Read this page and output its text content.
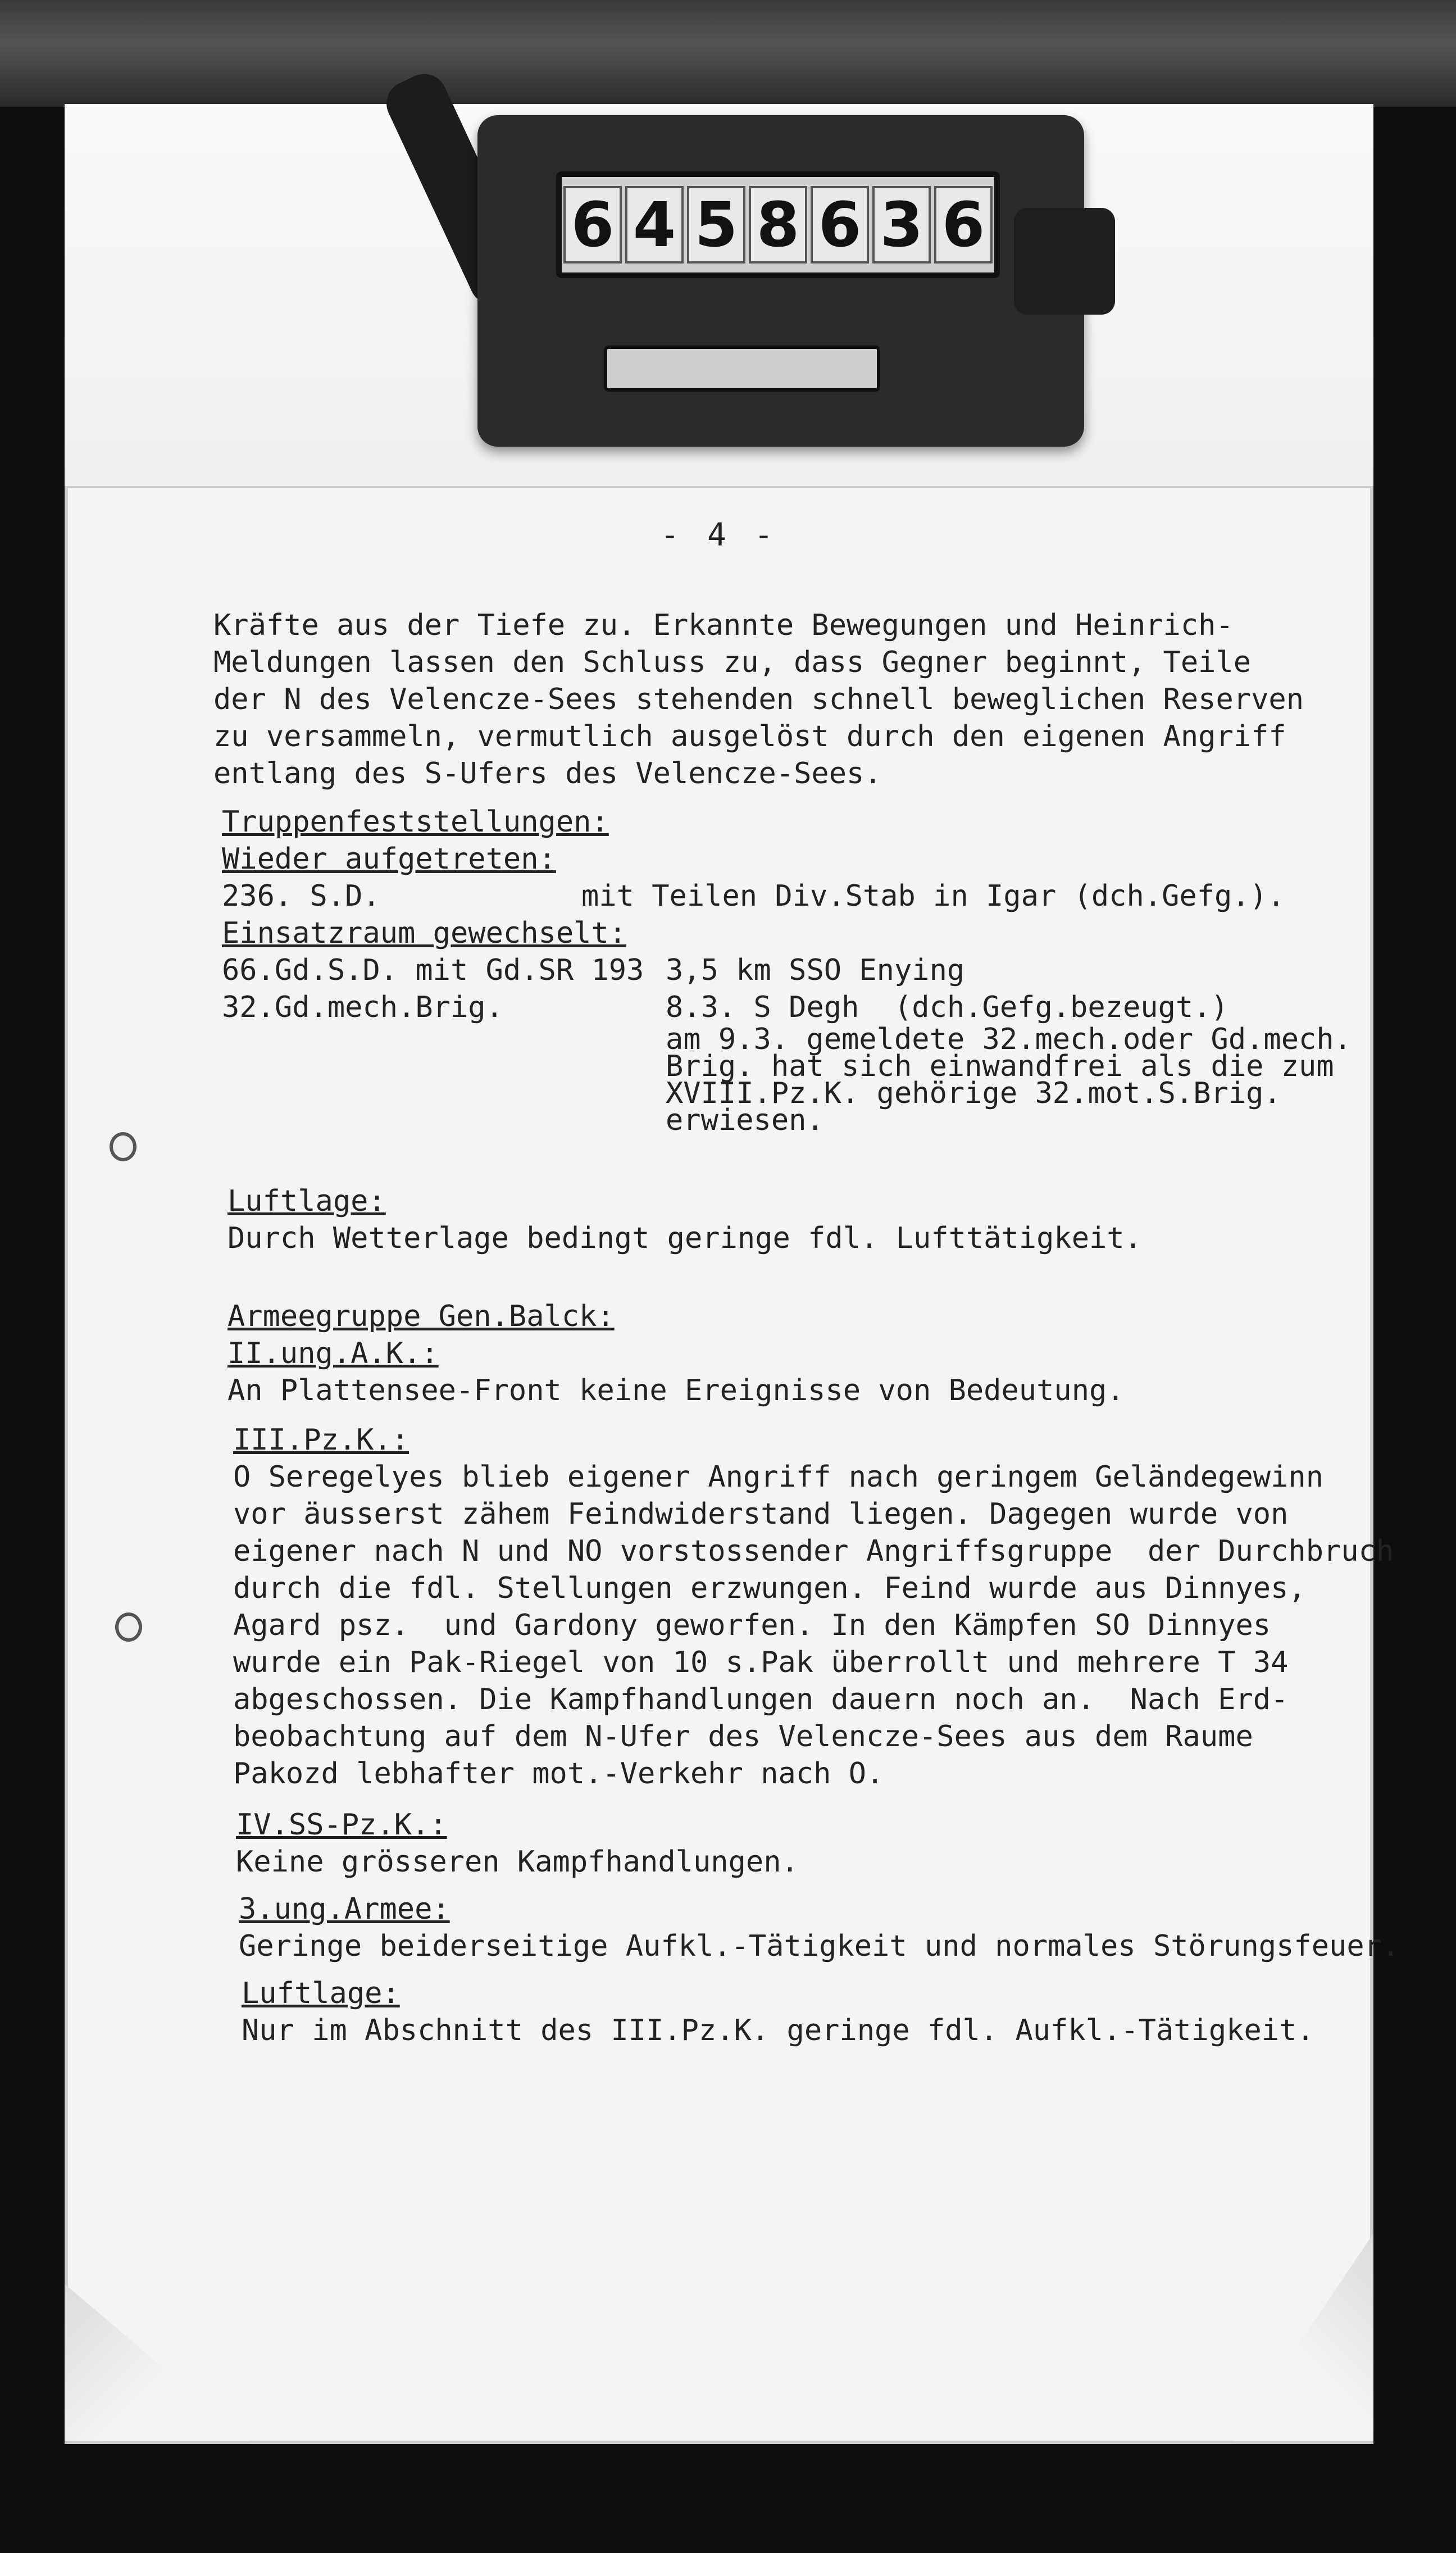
6 4 5 8 6 3 6
- 4 -
Kräfte aus der Tiefe zu. Erkannte Bewegungen und Heinrich-
Meldungen lassen den Schluss zu, dass Gegner beginnt, Teile
der N des Velencze-Sees stehenden schnell beweglichen Reserven
zu versammeln, vermutlich ausgelöst durch den eigenen Angriff
entlang des S-Ufers des Velencze-Sees.
Truppenfeststellungen:
Wieder aufgetreten:
236. S.D.	mit Teilen Div.Stab in Igar (dch.Gefg.).
Einsatzraum gewechselt:
66.Gd.S.D. mit Gd.SR 193 3,5 km SSO Enying
32.Gd.mech.Brig.	8.3. S Degh  (dch.Gefg.bezeugt.)
am 9.3. gemeldete 32.mech.oder Gd.mech.
Brig. hat sich einwandfrei als die zum
XVIII.Pz.K. gehörige 32.mot.S.Brig.
erwiesen.
Luftlage:
Durch Wetterlage bedingt geringe fdl. Lufttätigkeit.
Armeegruppe Gen.Balck:
II.ung.A.K.:
An Plattensee-Front keine Ereignisse von Bedeutung.
III.Pz.K.:
O Seregelyes blieb eigener Angriff nach geringem Geländegewinn
vor äusserst zähem Feindwiderstand liegen. Dagegen wurde von
eigener nach N und NO vorstossender Angriffsgruppe  der Durchbruch
durch die fdl. Stellungen erzwungen. Feind wurde aus Dinnyes,
Agard psz.  und Gardony geworfen. In den Kämpfen SO Dinnyes
wurde ein Pak-Riegel von 10 s.Pak überrollt und mehrere T 34
abgeschossen. Die Kampfhandlungen dauern noch an.  Nach Erd-
beobachtung auf dem N-Ufer des Velencze-Sees aus dem Raume
Pakozd lebhafter mot.-Verkehr nach O.
IV.SS-Pz.K.:
Keine grösseren Kampfhandlungen.
3.ung.Armee:
Geringe beiderseitige Aufkl.-Tätigkeit und normales Störungsfeuer.
Luftlage:
Nur im Abschnitt des III.Pz.K. geringe fdl. Aufkl.-Tätigkeit.
